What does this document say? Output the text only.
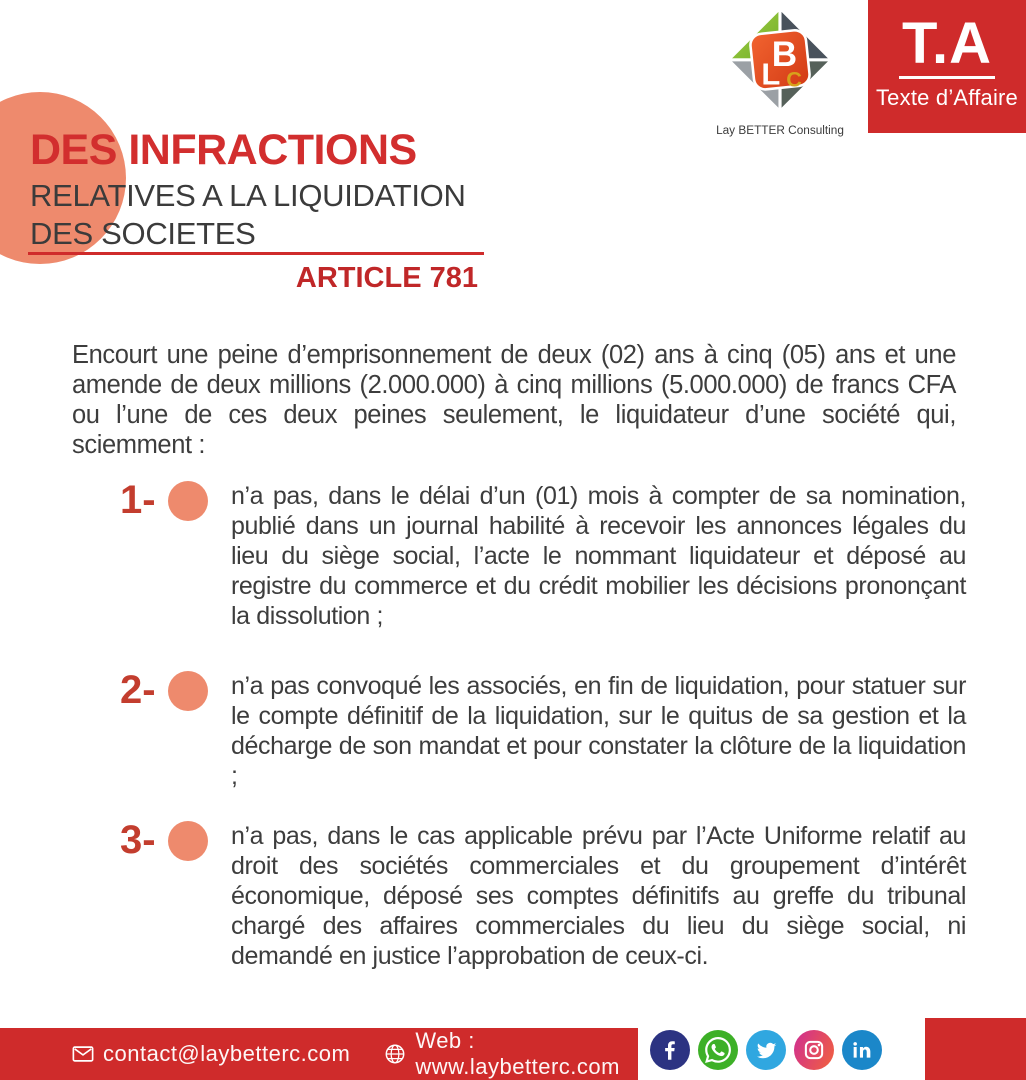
B
L C
Lay BETTER Consulting
T.A
Texte d’Affaire
DES INFRACTIONS
RELATIVES A LA LIQUIDATION
DES SOCIETES
ARTICLE 781

Encourt une peine d’emprisonnement de deux (02) ans à cinq (05) ans et une amende de deux millions (2.000.000) à cinq millions (5.000.000) de francs CFA ou l’une de ces deux peines seulement, le liquidateur d’une société qui, sciemment :

1-	n’a pas, dans le délai d’un (01) mois à compter de sa nomination, publié dans un journal habilité à recevoir les annonces légales du lieu du siège social, l’acte le nommant liquidateur et déposé au registre du commerce et du crédit mobilier les décisions prononçant la dissolution ;

2-	n’a pas convoqué les associés, en fin de liquidation, pour statuer sur le compte définitif de la liquidation, sur le quitus de sa gestion et la décharge de son mandat et pour constater la clôture de la liquidation ;

3-	n’a pas, dans le cas applicable prévu par l’Acte Uniforme relatif au droit des sociétés commerciales et du groupement d’intérêt économique, déposé ses comptes définitifs au greffe du tribunal chargé des affaires commerciales du lieu du siège social, ni demandé en justice l’approbation de ceux-ci.

contact@laybetterc.com
Web : www.laybetterc.com
